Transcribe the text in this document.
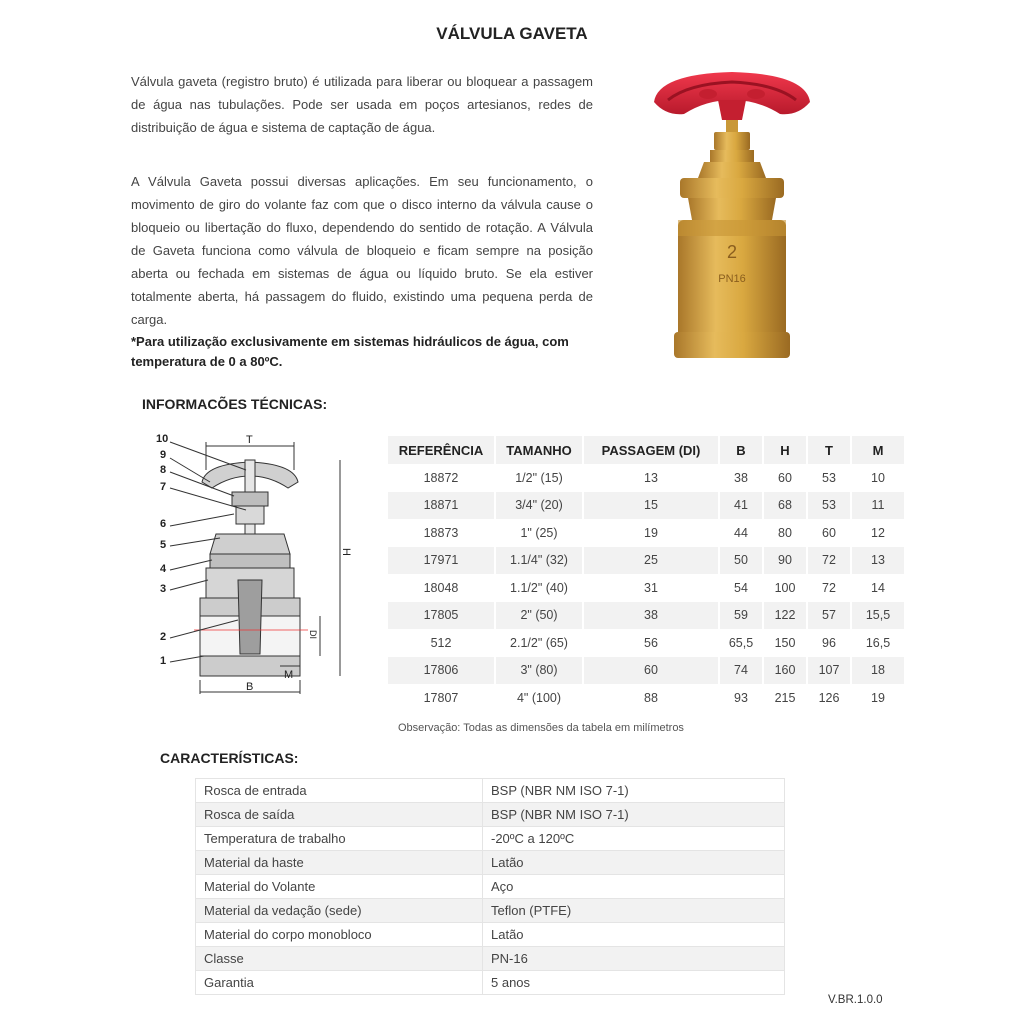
VÁLVULA GAVETA

Válvula gaveta (registro bruto) é utilizada para liberar ou bloquear a passagem de água nas tubulações. Pode ser usada em poços artesianos, redes de distribuição de água e sistema de captação de água.

A Válvula Gaveta possui diversas aplicações. Em seu funcionamento, o movimento de giro do volante faz com que o disco interno da válvula cause o bloqueio ou libertação do fluxo, dependendo do sentido de rotação. A Válvula de Gaveta funciona como válvula de bloqueio e ficam sempre na posição aberta ou fechada em sistemas de água ou líquido bruto. Se ela estiver totalmente aberta, há passagem do fluido, existindo uma pequena perda de carga.

*Para utilização exclusivamente em sistemas hidráulicos de água, com temperatura de 0 a 80ºC.
2
PN16
INFORMACÕES TÉCNICAS:
10
9
8
7
6
5
4
3
2
1
T
H
DI
M
B
REFERÊNCIA	TAMANHO	PASSAGEM (DI)	B	H	T	M
18872	1/2" (15)	13	38	60	53	10
18871	3/4" (20)	15	41	68	53	11
18873	1" (25)	19	44	80	60	12
17971	1.1/4" (32)	25	50	90	72	13
18048	1.1/2" (40)	31	54	100	72	14
17805	2" (50)	38	59	122	57	15,5
512	2.1/2" (65)	56	65,5	150	96	16,5
17806	3" (80)	60	74	160	107	18
17807	4" (100)	88	93	215	126	19
Observação: Todas as dimensões da tabela em milímetros
CARACTERÍSTICAS:
Rosca de entrada	BSP (NBR NM ISO 7-1)
Rosca de saída	BSP (NBR NM ISO 7-1)
Temperatura de trabalho	-20ºC a 120ºC
Material da haste	Latão
Material do Volante	Aço
Material da vedação (sede)	Teflon (PTFE)
Material do corpo monobloco	Latão
Classe	PN-16
Garantia	5 anos
V.BR.1.0.0
